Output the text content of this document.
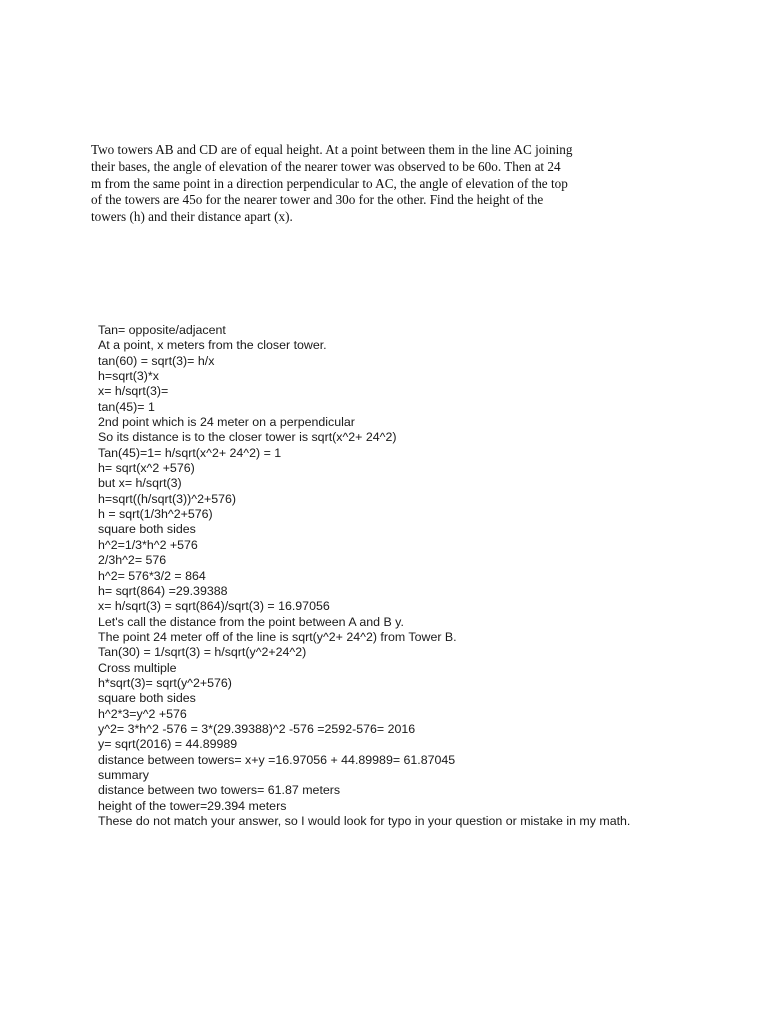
Two towers AB and CD are of equal height. At a point between them in the line AC joining
their bases, the angle of elevation of the nearer tower was observed to be 60o. Then at 24
m from the same point in a direction perpendicular to AC, the angle of elevation of the top
of the towers are 45o for the nearer tower and 30o for the other. Find the height of the
towers (h) and their distance apart (x).
Tan= opposite/adjacent
At a point, x meters from the closer tower.
tan(60) = sqrt(3)= h/x
h=sqrt(3)*x
x= h/sqrt(3)=
tan(45)= 1
2nd point which is 24 meter on a perpendicular
So its distance is to the closer tower is sqrt(x^2+ 24^2)
Tan(45)=1= h/sqrt(x^2+ 24^2) = 1
h= sqrt(x^2 +576)
but x= h/sqrt(3)
h=sqrt((h/sqrt(3))^2+576)
h = sqrt(1/3h^2+576)
square both sides
h^2=1/3*h^2 +576
2/3h^2= 576
h^2= 576*3/2 = 864
h= sqrt(864) =29.39388
x= h/sqrt(3) = sqrt(864)/sqrt(3) = 16.97056
Let's call the distance from the point between A and B y.
The point 24 meter off of the line is sqrt(y^2+ 24^2) from Tower B.
Tan(30) = 1/sqrt(3) = h/sqrt(y^2+24^2)
Cross multiple
h*sqrt(3)= sqrt(y^2+576)
square both sides
h^2*3=y^2 +576
y^2= 3*h^2 -576 = 3*(29.39388)^2 -576 =2592-576= 2016
y= sqrt(2016) = 44.89989
distance between towers= x+y =16.97056 + 44.89989= 61.87045
summary
distance between two towers= 61.87 meters
height of the tower=29.394 meters
These do not match your answer, so I would look for typo in your question or mistake in my math.
